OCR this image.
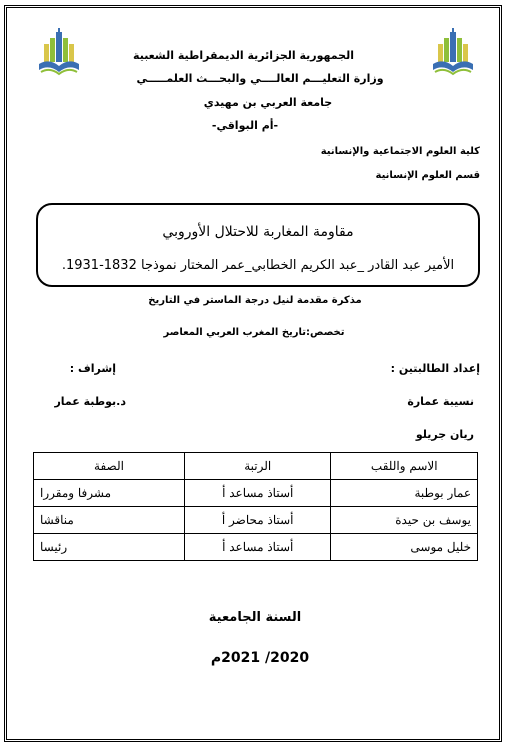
الجمهورية الجزائرية الديمقراطية الشعبية
وزارة التعليـــم العالــــي والبحـــث العلمـــــي
جامعة العربي بن مهيدي
-أم البواقي-
كلية العلوم الاجتماعية والإنسانية
قسم العلوم الإنسانية
مقاومة المغاربة للاحتلال الأوروبي
الأمير عبد القادر _عبد الكريم الخطابي_عمر المختار نموذجا 1832-1931.
مذكرة مقدمة لنيل درجة الماستر في التاريخ
تخصص:تاريخ المغرب العربي المعاصر
إعداد الطالبتين :
إشراف :
نسيبة عمارة
د.بوطبة عمار
ريان جريلو
الاسم واللقب	الرتبة	الصفة
عمار بوطبة	أستاذ مساعد أ	مشرفا ومقررا
يوسف بن حيدة	أستاذ محاضر أ	مناقشا
خليل موسى	أستاذ مساعد أ	رئيسا
السنة الجامعية
2020/ 2021م
